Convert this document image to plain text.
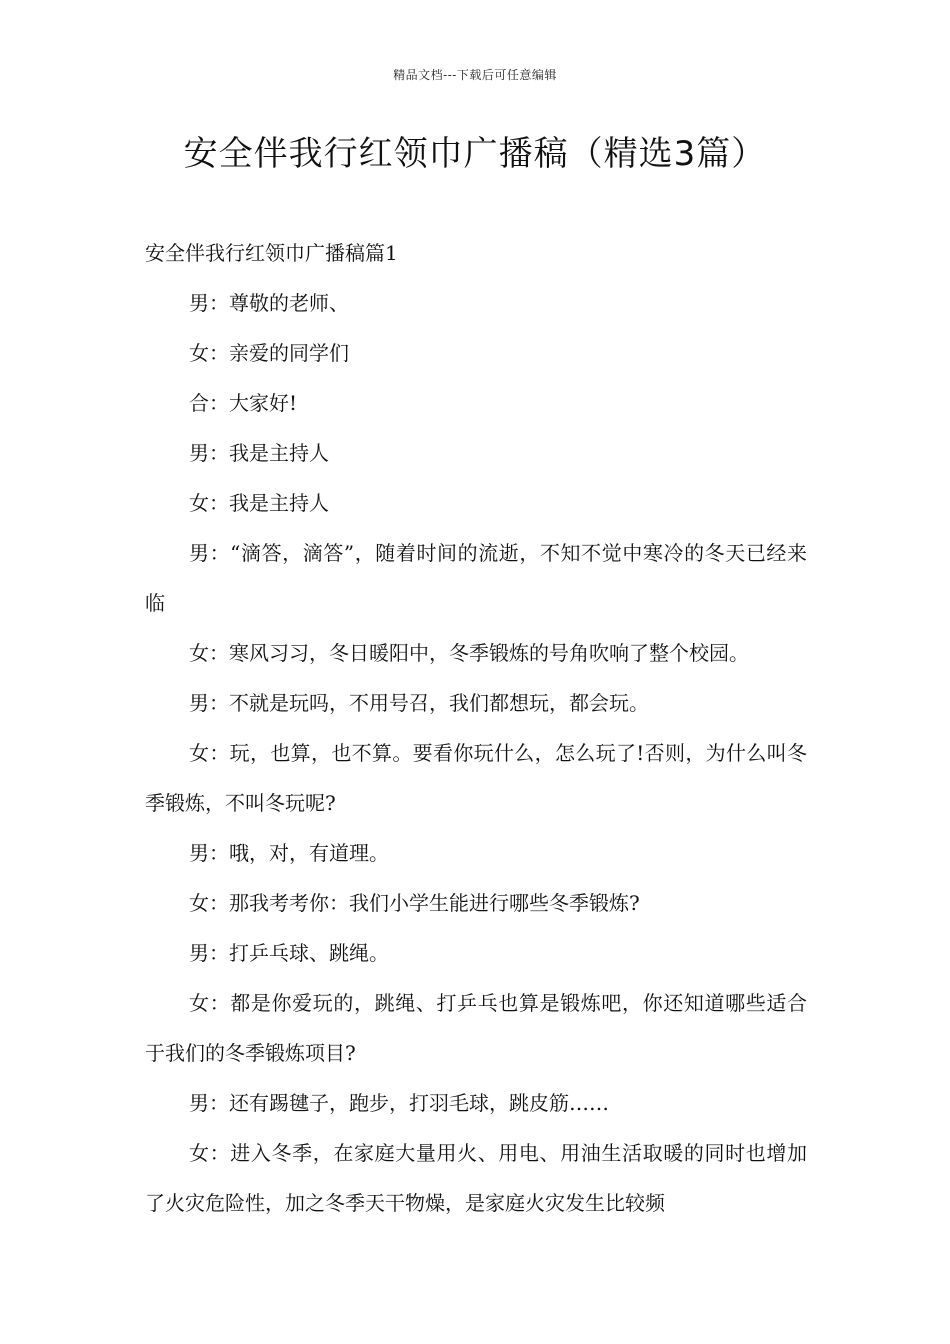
精品文档---下载后可任意编辑
安全伴我行红领巾广播稿（精选3篇）

安全伴我行红领巾广播稿篇1

男：尊敬的老师、

女：亲爱的同学们

合：大家好!

男：我是主持人

女：我是主持人

男：“滴答，滴答”，随着时间的流逝，不知不觉中寒冷的冬天已经来临

女：寒风习习，冬日暖阳中，冬季锻炼的号角吹响了整个校园。

男：不就是玩吗，不用号召，我们都想玩，都会玩。

女：玩，也算，也不算。要看你玩什么，怎么玩了!否则，为什么叫冬季锻炼，不叫冬玩呢?

男：哦，对，有道理。

女：那我考考你：我们小学生能进行哪些冬季锻炼?

男：打乒乓球、跳绳。

女：都是你爱玩的，跳绳、打乒乓也算是锻炼吧，你还知道哪些适合于我们的冬季锻炼项目?

男：还有踢毽子，跑步，打羽毛球，跳皮筋……

女：进入冬季，在家庭大量用火、用电、用油生活取暖的同时也增加了火灾危险性，加之冬季天干物燥，是家庭火灾发生比较频
